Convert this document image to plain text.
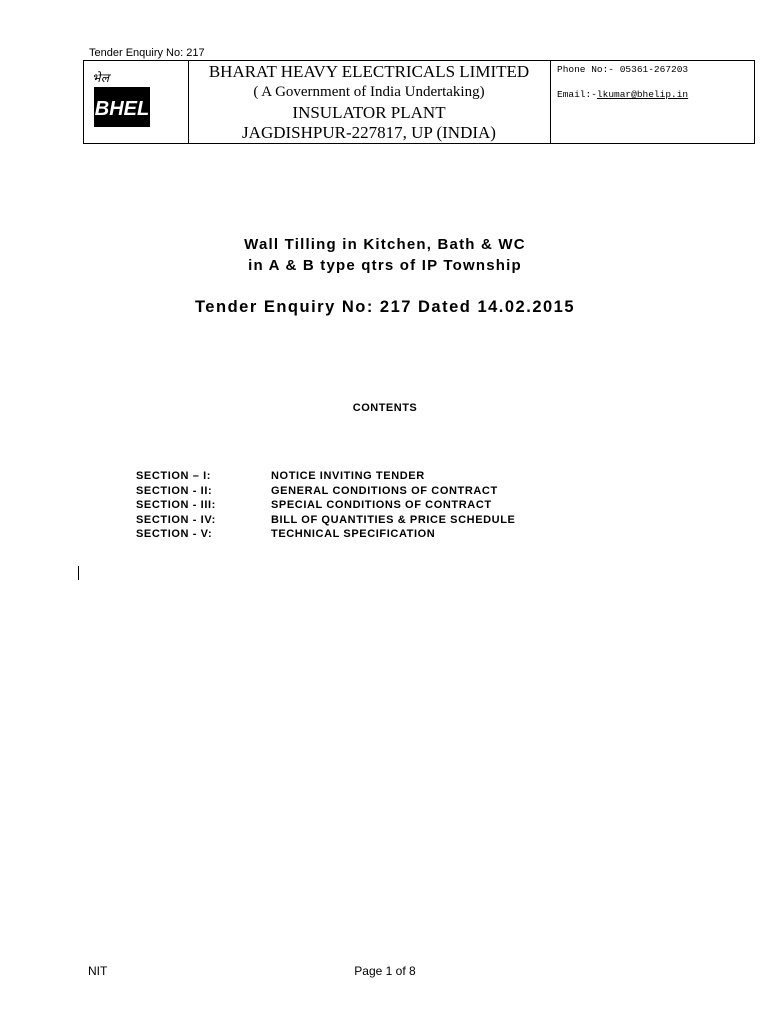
Tender Enquiry No: 217
भेल
BHEL
BHARAT HEAVY ELECTRICALS LIMITED
( A Government of India Undertaking)
INSULATOR PLANT
JAGDISHPUR-227817, UP (INDIA)
Phone No:- 05361-267203
Email:-lkumar@bhelip.in
Wall Tilling in Kitchen, Bath & WC
in A & B type qtrs of IP Township
Tender Enquiry No: 217 Dated 14.02.2015
CONTENTS
SECTION – I:	NOTICE INVITING TENDER
SECTION - II:	GENERAL CONDITIONS OF CONTRACT
SECTION - III:	SPECIAL CONDITIONS OF CONTRACT
SECTION - IV:	BILL OF QUANTITIES & PRICE SCHEDULE
SECTION - V:	TECHNICAL SPECIFICATION
NIT	Page 1 of 8
